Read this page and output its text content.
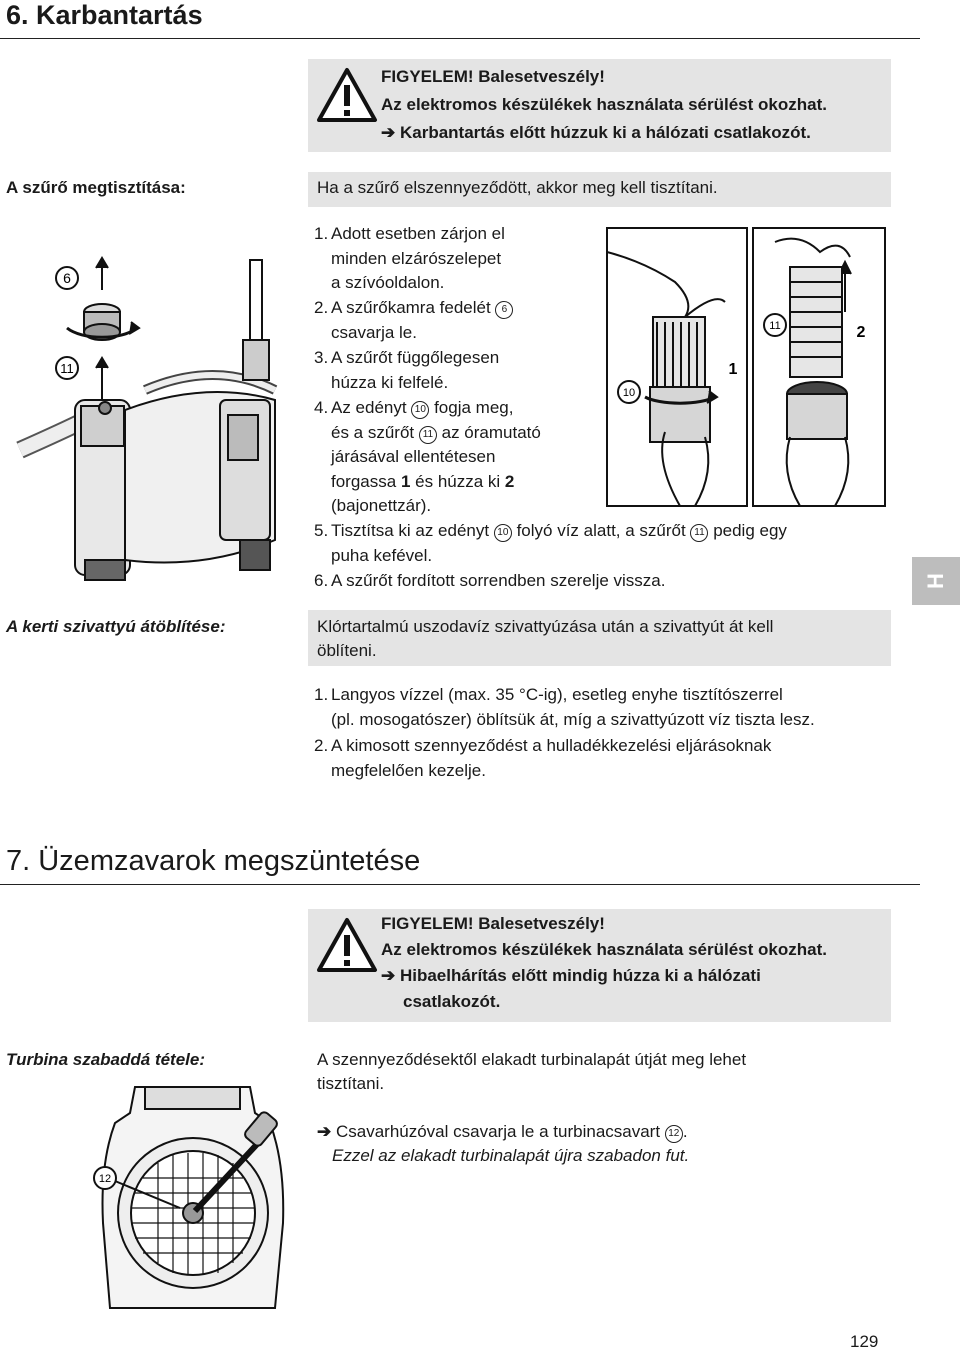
6. Karbantartás
FIGYELEM! Balesetveszély!
Az elektromos készülékek használata sérülést okozhat.
➔ Karbantartás előtt húzzuk ki a hálózati csatlakozót.
A szűrő megtisztítása:	Ha a szűrő elszennyeződött, akkor meg kell tisztítani.
1. Adott esetben zárjon el
minden elzárószelepet
a szívóoldalon.
2. A szűrőkamra fedelét 6
csavarja le.
3. A szűrőt függőlegesen
húzza ki felfelé.
4. Az edényt 10 fogja meg,
és a szűrőt 11 az óramutató
járásával ellentétesen
forgassa 1 és húzza ki 2
(bajonettzár).
5. Tisztítsa ki az edényt 10 folyó víz alatt, a szűrőt 11 pedig egy
puha kefével.
6. A szűrőt fordított sorrendben szerelje vissza.
6
11
10
11
1
2
H
A kerti szivattyú átöblítése:	Klórtartalmú uszodavíz szivattyúzása után a szivattyút át kell
öblíteni.
1. Langyos vízzel (max. 35 °C-ig), esetleg enyhe tisztítószerrel
(pl. mosogatószer) öblítsük át, míg a szivattyúzott víz tiszta lesz.
2. A kimosott szennyeződést a hulladékkezelési eljárásoknak
megfelelően kezelje.
7. Üzemzavarok megszüntetése
FIGYELEM! Balesetveszély!
Az elektromos készülékek használata sérülést okozhat.
➔ Hibaelhárítás előtt mindig húzza ki a hálózati
csatlakozót.
Turbina szabaddá tétele:	A szennyeződésektől elakadt turbinalapát útját meg lehet
tisztítani.
➔ Csavarhúzóval csavarja le a turbinacsavart 12 .
Ezzel az elakadt turbinalapát újra szabadon fut.
12
129
